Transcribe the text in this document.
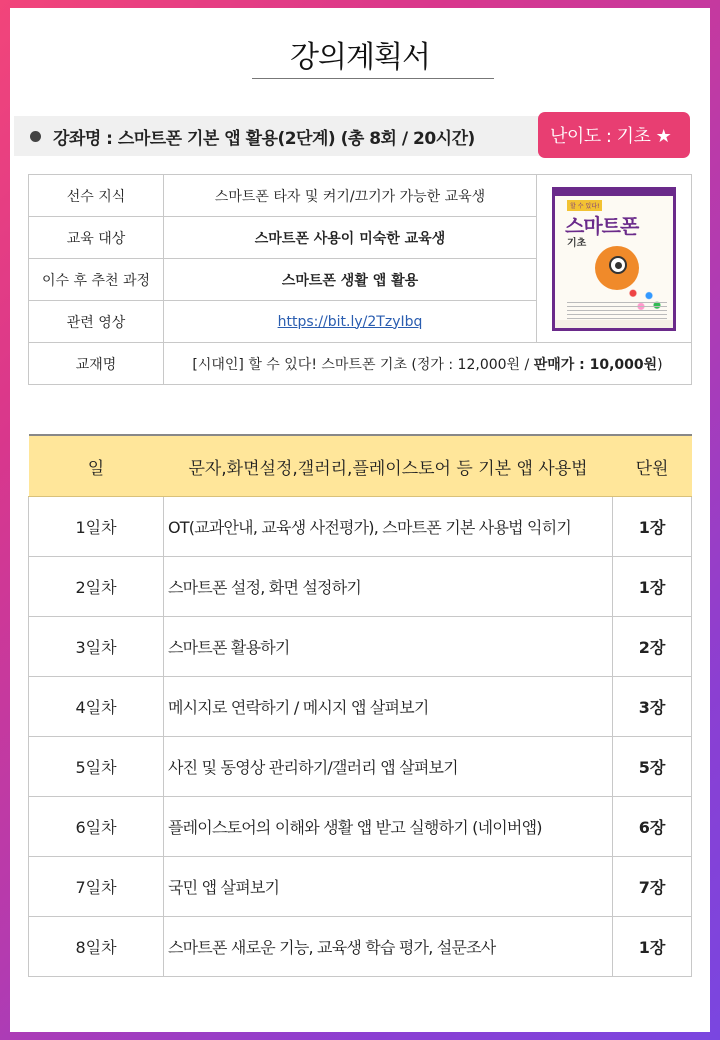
강의계획서
강좌명 : 스마트폰 기본 앱 활용(2단계) (총 8회 / 20시간)	난이도 : 기초 ★
선수 지식	스마트폰 타자 및 켜기/끄기가 가능한 교육생	할 수 있다!
스마트폰
기초

교육 대상	스마트폰 사용이 미숙한 교육생	
이수 후 추천 과정	스마트폰 생활 앱 활용	
관련 영상	https://bit.ly/2TzyIbq	
교재명	[시대인] 할 수 있다! 스마트폰 기초 (정가 : 12,000원 / 판매가 : 10,000원)	
일	문자,화면설정,갤러리,플레이스토어 등 기본 앱 사용법	단원
1일차	OT(교과안내, 교육생 사전평가), 스마트폰 기본 사용법 익히기	1장
2일차	스마트폰 설정, 화면 설정하기	1장
3일차	스마트폰 활용하기	2장
4일차	메시지로 연락하기 / 메시지 앱 살펴보기	3장
5일차	사진 및 동영상 관리하기/갤러리 앱 살펴보기	5장
6일차	플레이스토어의 이해와 생활 앱 받고 실행하기 (네이버앱)	6장
7일차	국민 앱 살펴보기	7장
8일차	스마트폰 새로운 기능, 교육생 학습 평가, 설문조사	1장
